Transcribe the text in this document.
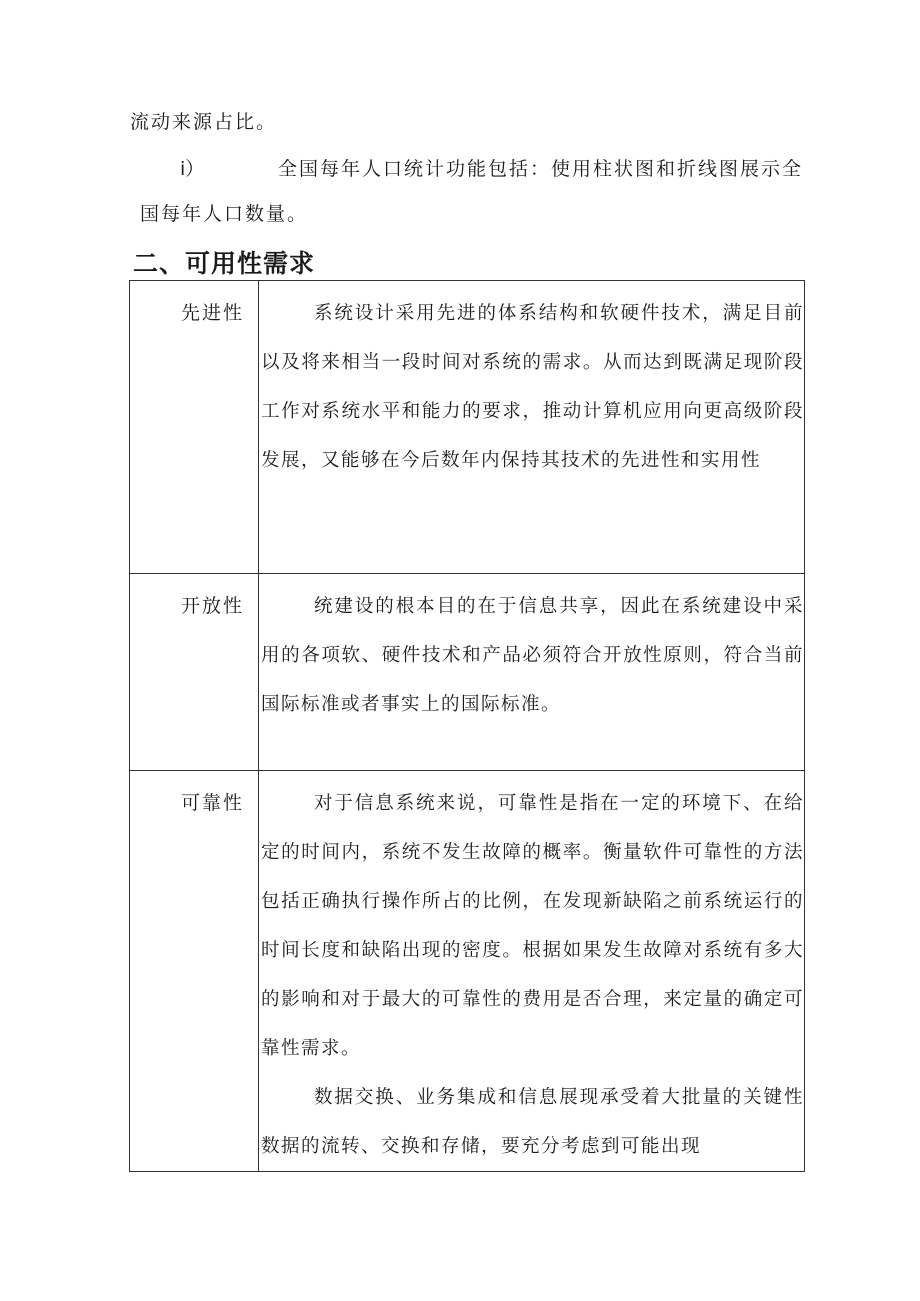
流动来源占比。
i）	全国每年人口统计功能包括：使用柱状图和折线图展示全
国每年人口数量。
二、可用性需求
先进性	系统设计采用先进的体系结构和软硬件技术，满足目前以及将来相当一段时间对系统的需求。从而达到既满足现阶段工作对系统水平和能力的要求，推动计算机应用向更高级阶段发展，又能够在今后数年内保持其技术的先进性和实用性

开放性	统建设的根本目的在于信息共享，因此在系统建设中采用的各项软、硬件技术和产品必须符合开放性原则，符合当前国际标准或者事实上的国际标准。

可靠性	对于信息系统来说，可靠性是指在一定的环境下、在给定的时间内，系统不发生故障的概率。衡量软件可靠性的方法包括正确执行操作所占的比例，在发现新缺陷之前系统运行的时间长度和缺陷出现的密度。根据如果发生故障对系统有多大的影响和对于最大的可靠性的费用是否合理，来定量的确定可靠性需求。

数据交换、业务集成和信息展现承受着大批量的关键性数据的流转、交换和存储，要充分考虑到可能出现
